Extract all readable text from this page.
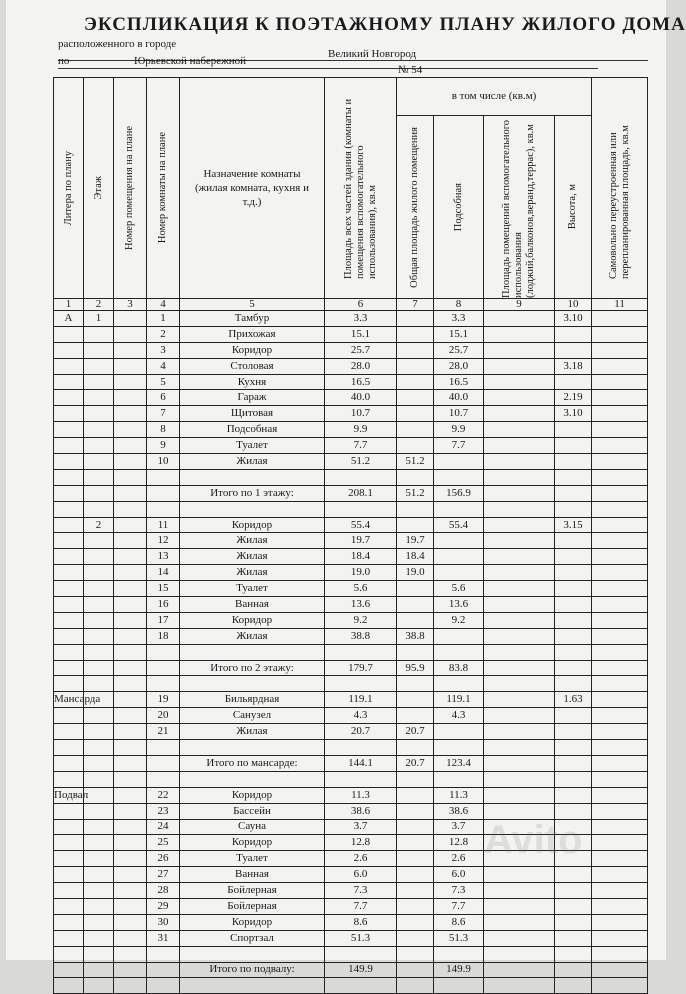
ЭКСПЛИКАЦИЯ К ПОЭТАЖНОМУ ПЛАНУ ЖИЛОГО ДОМА
расположенного в городе
Великий Новгород
по	Юрьевской набережной
№ 54
Литера по плану	Этаж	Номер помещения на плане	Номер комнаты на плане	Назначение комнаты (жилая комната, кухня и т.д.)	Площадь всех частей здания (комнаты и помещения вспомогательного использования), кв.м	в том числе (кв.м)				Самовольно переустроенная или перепланированная площадь, кв.м

						Общая площадь жилого помещения	Подсобная	Площадь помещений вспомогательного использования (лоджий,балконов,веранд,террас), кв.м	Высота, м	

1	2	3	4	5	6	7	8	9	10	11
А	1		1	Тамбур	3.3		3.3		3.10	
			2	Прихожая	15.1		15.1			
			3	Коридор	25.7		25.7			
			4	Столовая	28.0		28.0		3.18	
			5	Кухня	16.5		16.5			
			6	Гараж	40.0		40.0		2.19	
			7	Щитовая	10.7		10.7		3.10	
			8	Подсобная	9.9		9.9			
			9	Туалет	7.7		7.7			
			10	Жилая	51.2	51.2				

				Итого по 1 этажу:	208.1	51.2	156.9			

	2		11	Коридор	55.4		55.4		3.15	
			12	Жилая	19.7	19.7				
			13	Жилая	18.4	18.4				
			14	Жилая	19.0	19.0				
			15	Туалет	5.6		5.6			
			16	Ванная	13.6		13.6			
			17	Коридор	9.2		9.2			
			18	Жилая	38.8	38.8				

				Итого по 2 этажу:	179.7	95.9	83.8			

Мансарда			19	Бильярдная	119.1		119.1		1.63	
			20	Санузел	4.3		4.3			
			21	Жилая	20.7	20.7				

				Итого по мансарде:	144.1	20.7	123.4			

Подвал			22	Коридор	11.3		11.3			
			23	Бассейн	38.6		38.6			
			24	Сауна	3.7		3.7			
			25	Коридор	12.8		12.8			
			26	Туалет	2.6		2.6			
			27	Ванная	6.0		6.0			
			28	Бойлерная	7.3		7.3			
			29	Бойлерная	7.7		7.7			
			30	Коридор	8.6		8.6			
			31	Спортзал	51.3		51.3			

				Итого по подвалу:	149.9		149.9			

Avito
